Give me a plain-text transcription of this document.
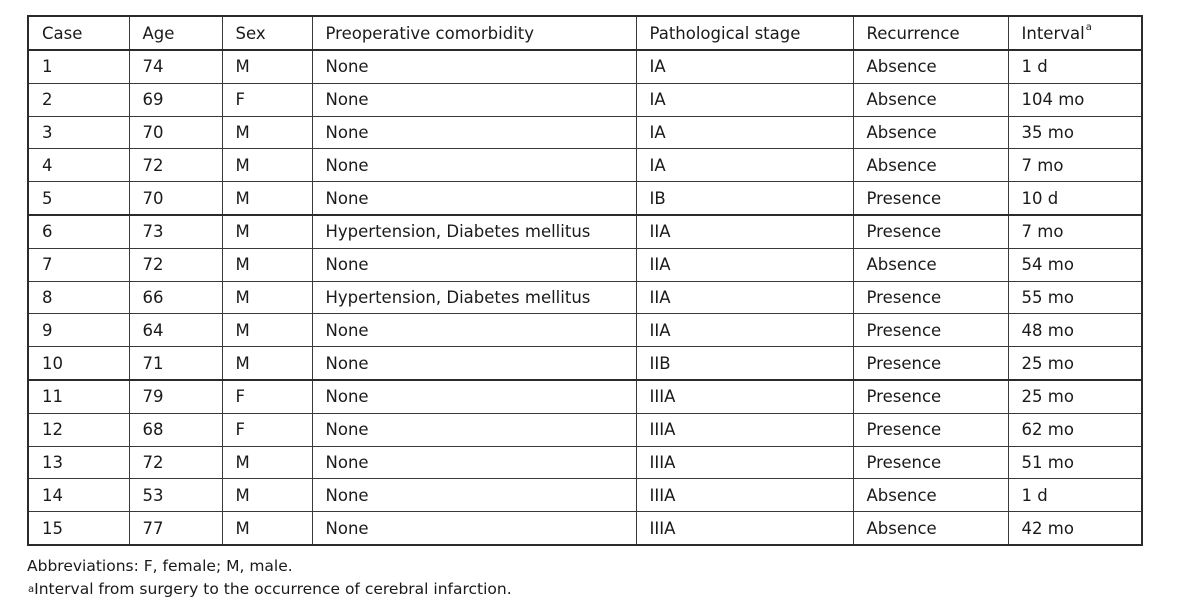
Case	Age	Sex	Preoperative comorbidity	Pathological stage	Recurrence	Interval$^a$
1	74	M	None	IA	Absence	1 d
2	69	F	None	IA	Absence	104 mo
3	70	M	None	IA	Absence	35 mo
4	72	M	None	IA	Absence	7 mo
5	70	M	None	IB	Presence	10 d
6	73	M	Hypertension, Diabetes mellitus	IIA	Presence	7 mo
7	72	M	None	IIA	Absence	54 mo
8	66	M	Hypertension, Diabetes mellitus	IIA	Presence	55 mo
9	64	M	None	IIA	Presence	48 mo
10	71	M	None	IIB	Presence	25 mo
11	79	F	None	IIIA	Presence	25 mo
12	68	F	None	IIIA	Presence	62 mo
13	72	M	None	IIIA	Presence	51 mo
14	53	M	None	IIIA	Absence	1 d
15	77	M	None	IIIA	Absence	42 mo
Abbreviations: F, female; M, male.
$^a$Interval from surgery to the occurrence of cerebral infarction.
